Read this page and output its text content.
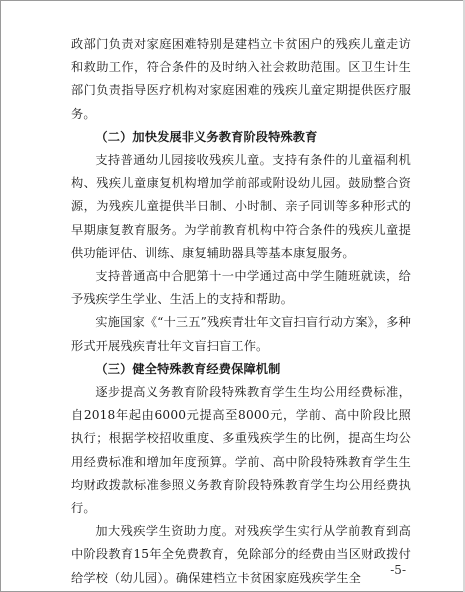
政部门负责对家庭困难特别是建档立卡贫困户的残疾儿童走访和救助工作，符合条件的及时纳入社会救助范围。区卫生计生部门负责指导医疗机构对家庭困难的残疾儿童定期提供医疗服务。

（二）加快发展非义务教育阶段特殊教育

支持普通幼儿园接收残疾儿童。支持有条件的儿童福利机构、残疾儿童康复机构增加学前部或附设幼儿园。鼓励整合资源，为残疾儿童提供半日制、小时制、亲子同训等多种形式的早期康复教育服务。为学前教育机构中符合条件的残疾儿童提供功能评估、训练、康复辅助器具等基本康复服务。

支持普通高中合肥第十一中学通过高中学生随班就读，给予残疾学生学业、生活上的支持和帮助。

实施国家《“十三五”残疾青壮年文盲扫盲行动方案》，多种形式开展残疾青壮年文盲扫盲工作。

（三）健全特殊教育经费保障机制

逐步提高义务教育阶段特殊教育学生生均公用经费标准，自2018年起由6000元提高至8000元，学前、高中阶段比照执行；根据学校招收重度、多重残疾学生的比例，提高生均公用经费标准和增加年度预算。学前、高中阶段特殊教育学生生均财政拨款标准参照义务教育阶段特殊教育学生均公用经费执行。

加大残疾学生资助力度。对残疾学生实行从学前教育到高中阶段教育15年全免费教育，免除部分的经费由当区财政拨付给学校（幼儿园）。确保建档立卡贫困家庭残疾学生全

-5-
